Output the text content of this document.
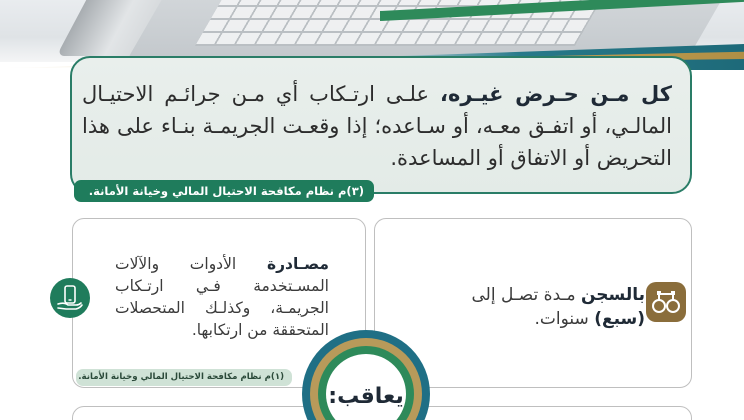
كل مـن حـرض غيـره، علـى ارتـكاب أي مـن جرائـم الاحتيـال المالـي، أو اتفـق معـه، أو سـاعده؛ إذا وقعـت الجريمـة بنـاء على هذا التحريض أو الاتفاق أو المساعدة.

(٣)م نظام مكافحة الاحتيال المالي وخيانة الأمانة.

مصـادرة الأدوات والآلات المسـتخدمة فـي ارتـكاب الجريمـة، وكذلـك المتحصلات المتحققة من ارتكابها.

(١)م نظام مكافحة الاحتيال المالي وخيانة الأمانة.

بالسجن مـدة تصـل إلى (سبع) سنوات.

يعاقب:
